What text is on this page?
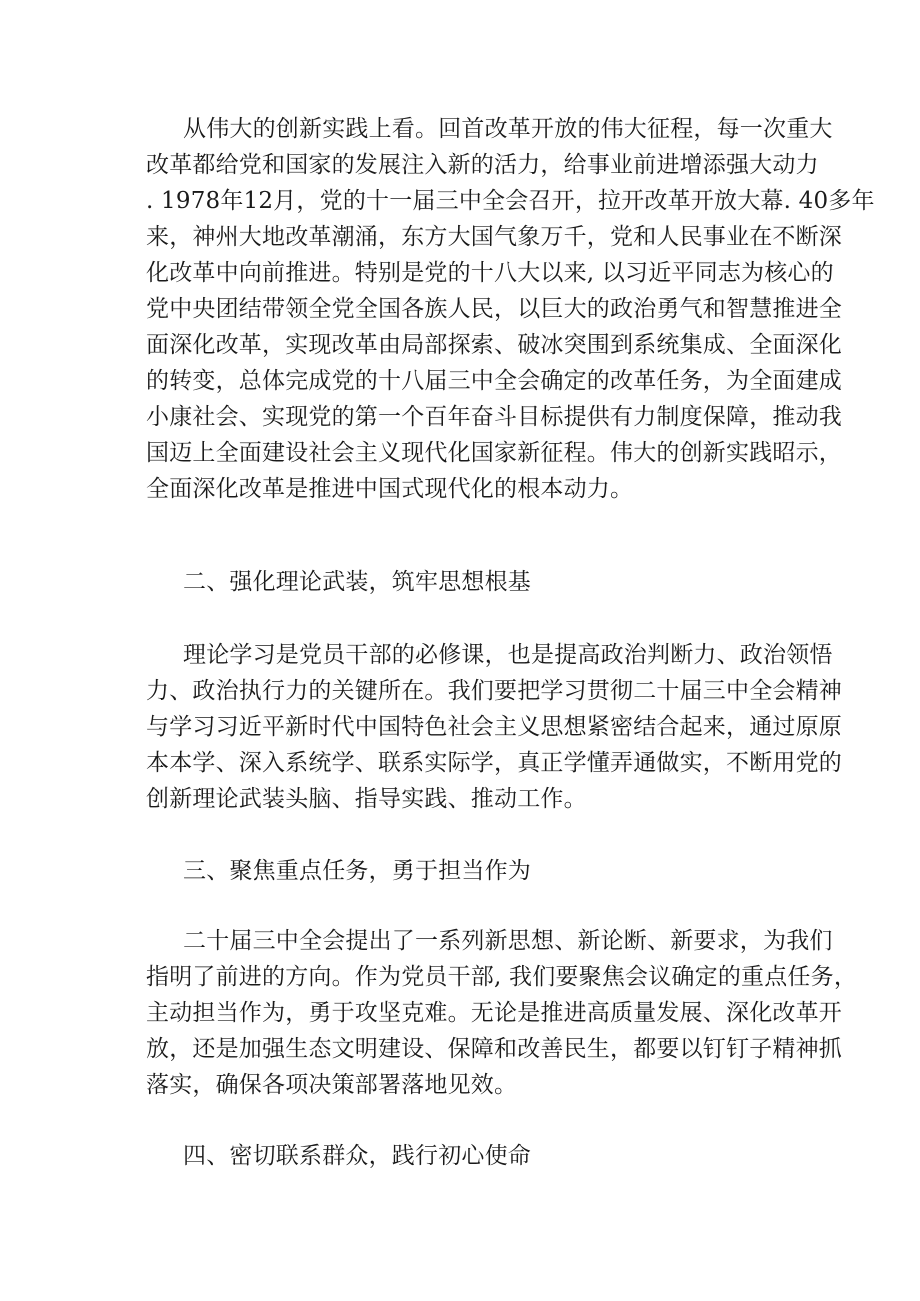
从伟大的创新实践上看。回首改革开放的伟大征程，每一次重大
改革都给党和国家的发展注入新的活力，给事业前进增添强大动力
. 1978年12月，党的十一届三中全会召开，拉开改革开放大幕. 40多年
来，神州大地改革潮涌，东方大国气象万千，党和人民事业在不断深
化改革中向前推进。特别是党的十八大以来, 以习近平同志为核心的
党中央团结带领全党全国各族人民，以巨大的政治勇气和智慧推进全
面深化改革，实现改革由局部探索、破冰突围到系统集成、全面深化
的转变，总体完成党的十八届三中全会确定的改革任务，为全面建成
小康社会、实现党的第一个百年奋斗目标提供有力制度保障，推动我
国迈上全面建设社会主义现代化国家新征程。伟大的创新实践昭示，
全面深化改革是推进中国式现代化的根本动力。
二、强化理论武装，筑牢思想根基
理论学习是党员干部的必修课，也是提高政治判断力、政治领悟
力、政治执行力的关键所在。我们要把学习贯彻二十届三中全会精神
与学习习近平新时代中国特色社会主义思想紧密结合起来，通过原原
本本学、深入系统学、联系实际学，真正学懂弄通做实，不断用党的
创新理论武装头脑、指导实践、推动工作。
三、聚焦重点任务，勇于担当作为
二十届三中全会提出了一系列新思想、新论断、新要求，为我们
指明了前进的方向。作为党员干部, 我们要聚焦会议确定的重点任务，
主动担当作为，勇于攻坚克难。无论是推进高质量发展、深化改革开
放，还是加强生态文明建设、保障和改善民生，都要以钉钉子精神抓
落实，确保各项决策部署落地见效。
四、密切联系群众，践行初心使命
